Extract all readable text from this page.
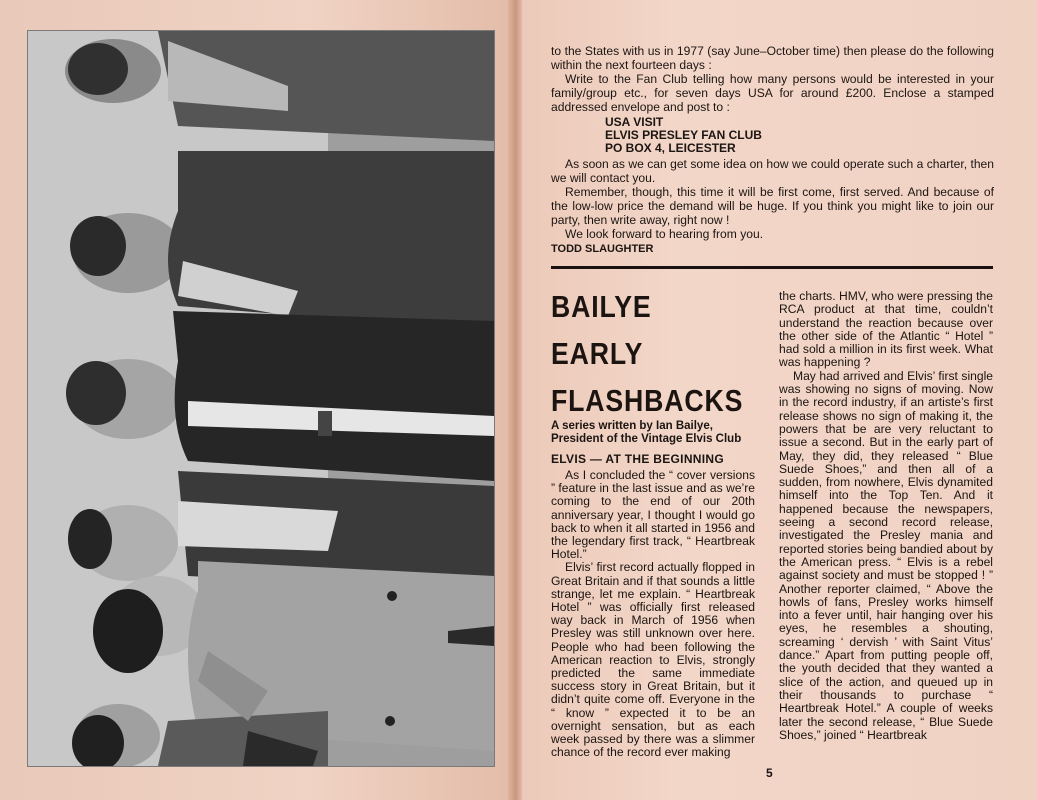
to the States with us in 1977 (say June–October time) then please do the following within the next fourteen days :

Write to the Fan Club telling how many persons would be interested in your family/group etc., for seven days USA for around £200. Enclose a stamped addressed envelope and post to :

USA VISIT
ELVIS PRESLEY FAN CLUB
PO BOX 4, LEICESTER

As soon as we can get some idea on how we could operate such a charter, then we will contact you.

Remember, though, this time it will be first come, first served. And because of the low-low price the demand will be huge. If you think you might like to join our party, then write away, right now !

We look forward to hearing from you.

TODD SLAUGHTER
BAILYE
EARLY
FLASHBACKS
A series written by Ian Bailye, President of the Vintage Elvis Club
ELVIS — AT THE BEGINNING

As I concluded the “ cover versions ” feature in the last issue and as we’re coming to the end of our 20th anniversary year, I thought I would go back to when it all started in 1956 and the legendary first track, “ Heartbreak Hotel.”

Elvis’ first record actually flopped in Great Britain and if that sounds a little strange, let me explain. “ Heartbreak Hotel ” was officially first released way back in March of 1956 when Presley was still unknown over here. People who had been following the American reaction to Elvis, strongly predicted the same immediate success story in Great Britain, but it didn’t quite come off. Everyone in the “ know ” expected it to be an overnight sensation, but as each week passed by there was a slimmer chance of the record ever making

the charts. HMV, who were pressing the RCA product at that time, couldn’t understand the reaction because over the other side of the Atlantic “ Hotel ” had sold a million in its first week. What was happening ?

May had arrived and Elvis’ first single was showing no signs of moving. Now in the record industry, if an artiste’s first release shows no sign of making it, the powers that be are very reluctant to issue a second. But in the early part of May, they did, they released “ Blue Suede Shoes,” and then all of a sudden, from nowhere, Elvis dynamited himself into the Top Ten. And it happened because the newspapers, seeing a second record release, investigated the Presley mania and reported stories being bandied about by the American press. “ Elvis is a rebel against society and must be stopped ! ” Another reporter claimed, “ Above the howls of fans, Presley works himself into a fever until, hair hanging over his eyes, he resembles a shouting, screaming ‘ dervish ’ with Saint Vitus’ dance.” Apart from putting people off, the youth decided that they wanted a slice of the action, and queued up in their thousands to purchase “ Heartbreak Hotel.” A couple of weeks later the second release, “ Blue Suede Shoes,” joined “ Heartbreak

5
